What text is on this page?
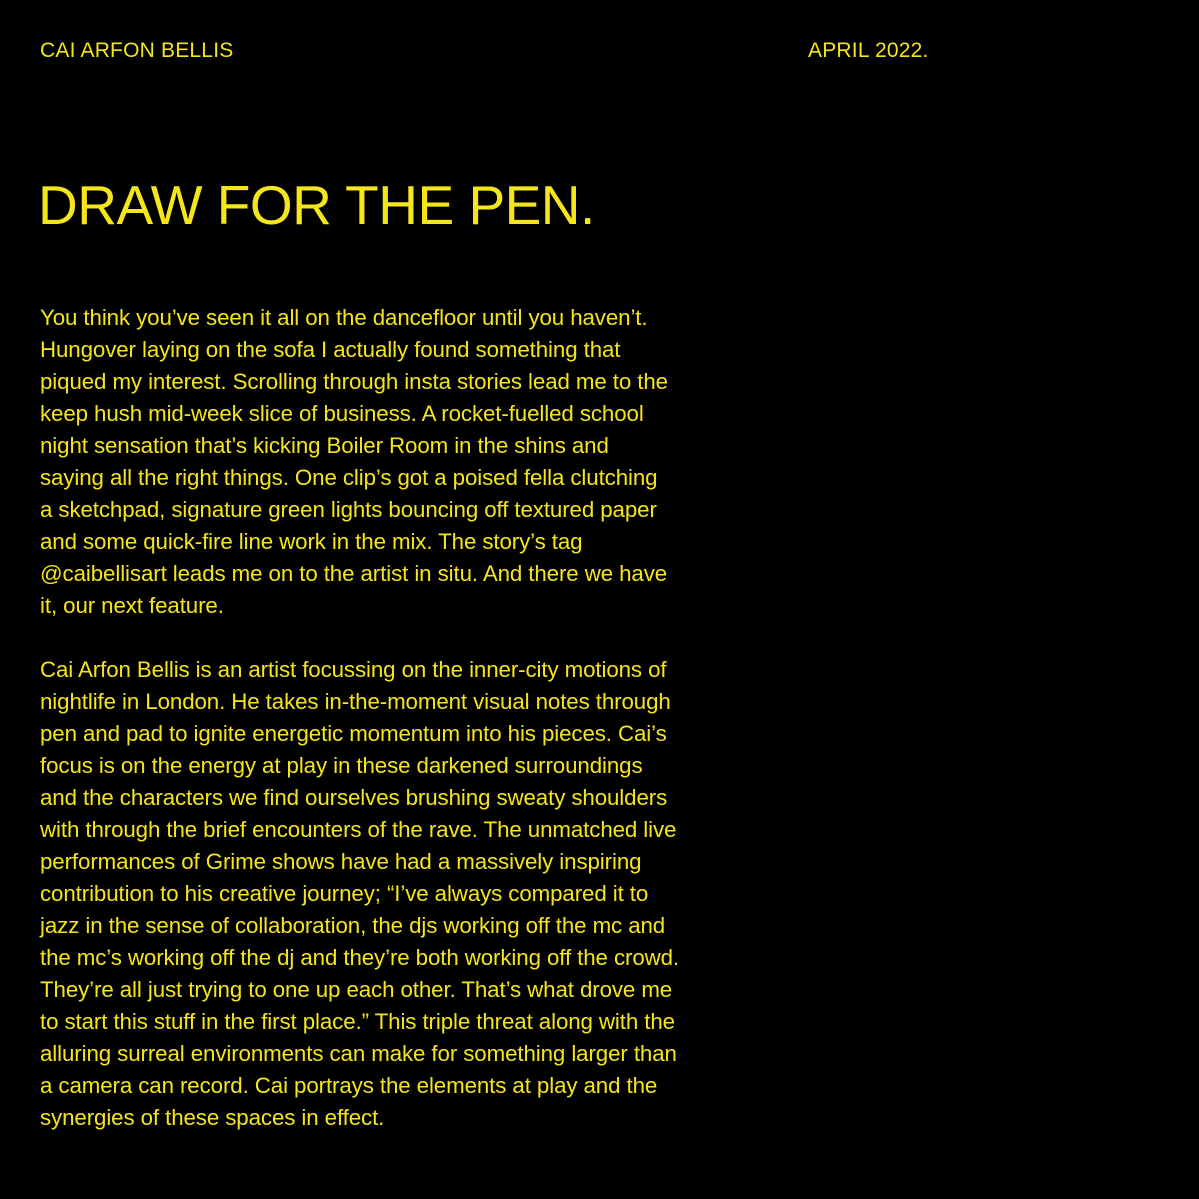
CAI ARFON BELLIS	APRIL 2022.
DRAW FOR THE PEN.

You think you’ve seen it all on the dancefloor until you haven’t.
Hungover laying on the sofa I actually found something that
piqued my interest. Scrolling through insta stories lead me to the
keep hush mid-week slice of business. A rocket-fuelled school
night sensation that’s kicking Boiler Room in the shins and
saying all the right things. One clip’s got a poised fella clutching
a sketchpad, signature green lights bouncing off textured paper
and some quick-fire line work in the mix. The story’s tag
@caibellisart leads me on to the artist in situ. And there we have
it, our next feature.

Cai Arfon Bellis is an artist focussing on the inner-city motions of
nightlife in London. He takes in-the-moment visual notes through
pen and pad to ignite energetic momentum into his pieces. Cai’s
focus is on the energy at play in these darkened surroundings
and the characters we find ourselves brushing sweaty shoulders
with through the brief encounters of the rave. The unmatched live
performances of Grime shows have had a massively inspiring
contribution to his creative journey; “I’ve always compared it to
jazz in the sense of collaboration, the djs working off the mc and
the mc’s working off the dj and they’re both working off the crowd.
They’re all just trying to one up each other. That’s what drove me
to start this stuff in the first place.” This triple threat along with the
alluring surreal environments can make for something larger than
a camera can record. Cai portrays the elements at play and the
synergies of these spaces in effect.
